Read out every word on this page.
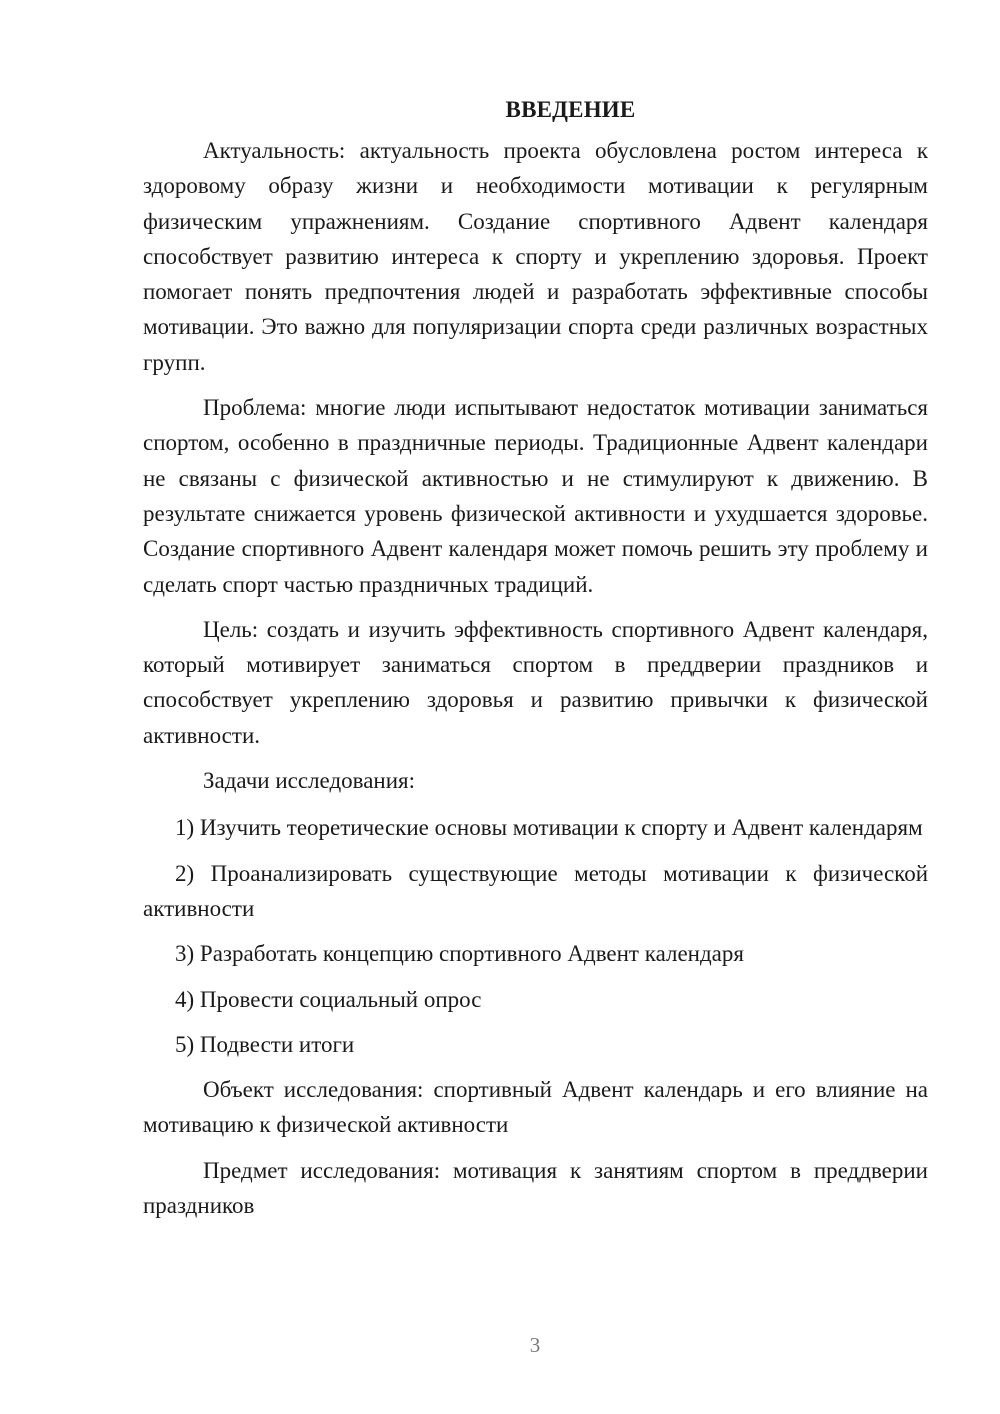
ВВЕДЕНИЕ

Актуальность: актуальность проекта обусловлена ростом интереса к здоровому образу жизни и необходимости мотивации к регулярным физическим упражнениям. Создание спортивного Адвент календаря способствует развитию интереса к спорту и укреплению здоровья. Проект помогает понять предпочтения людей и разработать эффективные способы мотивации. Это важно для популяризации спорта среди различных возрастных групп.

Проблема: многие люди испытывают недостаток мотивации заниматься спортом, особенно в праздничные периоды. Традиционные Адвент календари не связаны с физической активностью и не стимулируют к движению. В результате снижается уровень физической активности и ухудшается здоровье. Создание спортивного Адвент календаря может помочь решить эту проблему и сделать спорт частью праздничных традиций.

Цель: создать и изучить эффективность спортивного Адвент календаря, который мотивирует заниматься спортом в преддверии праздников и способствует укреплению здоровья и развитию привычки к физической активности.

Задачи исследования:

1) Изучить теоретические основы мотивации к спорту и Адвент календарям

2) Проанализировать существующие методы мотивации к физической активности

3) Разработать концепцию спортивного Адвент календаря

4) Провести социальный опрос

5) Подвести итоги

Объект исследования: спортивный Адвент календарь и его влияние на мотивацию к физической активности

Предмет исследования: мотивация к занятиям спортом в преддверии праздников

3
